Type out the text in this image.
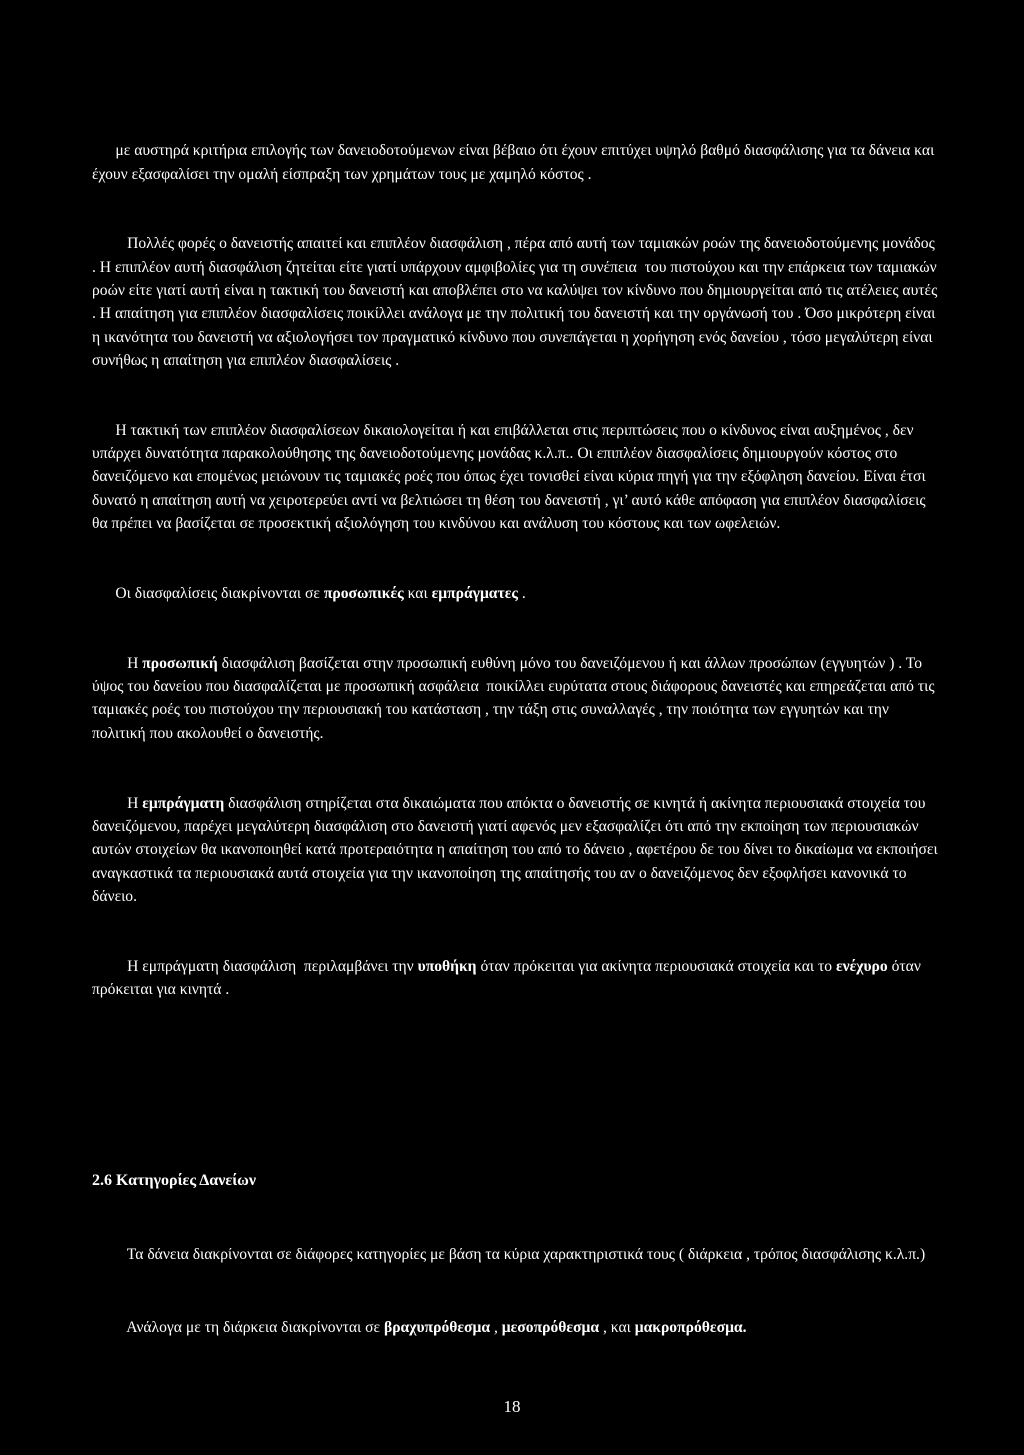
με αυστηρά κριτήρια επιλογής των δανειοδοτούμενων είναι βέβαιο ότι έχουν επιτύχει υψηλό βαθμό διασφάλισης για τα δάνεια και έχουν εξασφαλίσει την ομαλή είσπραξη των χρημάτων τους με χαμηλό κόστος .

Πολλές φορές ο δανειστής απαιτεί και επιπλέον διασφάλιση , πέρα από αυτή των ταμιακών ροών της δανειοδοτούμενης μονάδος . Η επιπλέον αυτή διασφάλιση ζητείται είτε γιατί υπάρχουν αμφιβολίες για τη συνέπεια  του πιστούχου και την επάρκεια των ταμιακών ροών είτε γιατί αυτή είναι η τακτική του δανειστή και αποβλέπει στο να καλύψει τον κίνδυνο που δημιουργείται από τις ατέλειες αυτές . Η απαίτηση για επιπλέον διασφαλίσεις ποικίλλει ανάλογα με την πολιτική του δανειστή και την οργάνωσή του . Όσο μικρότερη είναι η ικανότητα του δανειστή να αξιολογήσει τον πραγματικό κίνδυνο που συνεπάγεται η χορήγηση ενός δανείου , τόσο μεγαλύτερη είναι συνήθως η απαίτηση για επιπλέον διασφαλίσεις .

Η τακτική των επιπλέον διασφαλίσεων δικαιολογείται ή και επιβάλλεται στις περιπτώσεις που ο κίνδυνος είναι αυξημένος , δεν υπάρχει δυνατότητα παρακολούθησης της δανειοδοτούμενης μονάδας κ.λ.π.. Οι επιπλέον διασφαλίσεις δημιουργούν κόστος στο δανειζόμενο και επομένως μειώνουν τις ταμιακές ροές που όπως έχει τονισθεί είναι κύρια πηγή για την εξόφληση δανείου. Είναι έτσι δυνατό η απαίτηση αυτή να χειροτερεύει αντί να βελτιώσει τη θέση του δανειστή , γι’ αυτό κάθε απόφαση για επιπλέον διασφαλίσεις θα πρέπει να βασίζεται σε προσεκτική αξιολόγηση του κινδύνου και ανάλυση του κόστους και των ωφελειών.

Οι διασφαλίσεις διακρίνονται σε προσωπικές και εμπράγματες .

Η προσωπική διασφάλιση βασίζεται στην προσωπική ευθύνη μόνο του δανειζόμενου ή και άλλων προσώπων (εγγυητών ) . Το ύψος του δανείου που διασφαλίζεται με προσωπική ασφάλεια  ποικίλλει ευρύτατα στους διάφορους δανειστές και επηρεάζεται από τις ταμιακές ροές του πιστούχου την περιουσιακή του κατάσταση , την τάξη στις συναλλαγές , την ποιότητα των εγγυητών και την πολιτική που ακολουθεί ο δανειστής.

Η εμπράγματη διασφάλιση στηρίζεται στα δικαιώματα που απόκτα ο δανειστής σε κινητά ή ακίνητα περιουσιακά στοιχεία του δανειζόμενου, παρέχει μεγαλύτερη διασφάλιση στο δανειστή γιατί αφενός μεν εξασφαλίζει ότι από την εκποίηση των περιουσιακών αυτών στοιχείων θα ικανοποιηθεί κατά προτεραιότητα η απαίτηση του από το δάνειο , αφετέρου δε του δίνει το δικαίωμα να εκποιήσει αναγκαστικά τα περιουσιακά αυτά στοιχεία για την ικανοποίηση της απαίτησής του αν ο δανειζόμενος δεν εξοφλήσει κανονικά το δάνειο.

Η εμπράγματη διασφάλιση  περιλαμβάνει την υποθήκη όταν πρόκειται για ακίνητα περιουσιακά στοιχεία και το ενέχυρο όταν πρόκειται για κινητά .

2.6 Κατηγορίες Δανείων

Τα δάνεια διακρίνονται σε διάφορες κατηγορίες με βάση τα κύρια χαρακτηριστικά τους ( διάρκεια , τρόπος διασφάλισης κ.λ.π.)

Ανάλογα με τη διάρκεια διακρίνονται σε βραχυπρόθεσμα , μεσοπρόθεσμα , και μακροπρόθεσμα.

18
